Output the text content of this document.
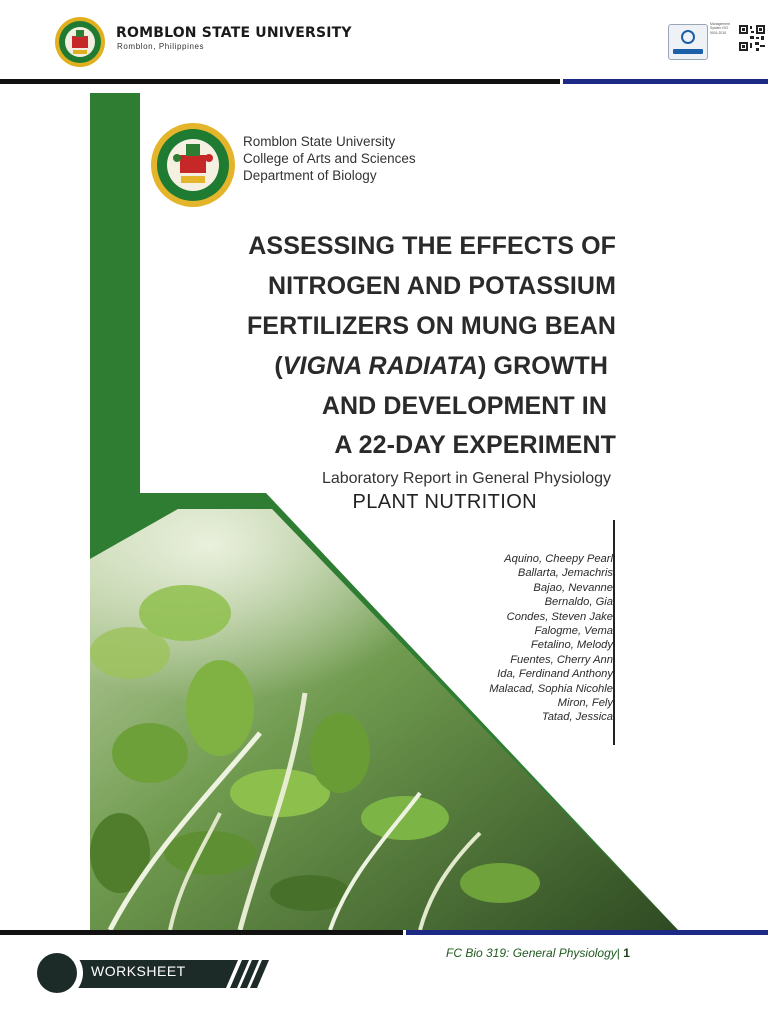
ROMBLON STATE UNIVERSITY
Romblon, Philippines
Management System ISO 9001:2015
Romblon State University
College of Arts and Sciences
Department of Biology
ASSESSING THE EFFECTS OF
NITROGEN AND POTASSIUM
FERTILIZERS ON MUNG BEAN
(VIGNA RADIATA) GROWTH
AND DEVELOPMENT IN
A 22-DAY EXPERIMENT
Laboratory Report in General Physiology
PLANT NUTRITION
Aquino, Cheepy Pearl
Ballarta, Jemachris
Bajao, Nevanne
Bernaldo, Gia
Condes, Steven Jake
Falogme, Vema
Fetalino, Melody
Fuentes, Cherry Ann
Ida, Ferdinand Anthony
Malacad, Sophia Nicohle
Miron, Fely
Tatad, Jessica
WORKSHEET
FC Bio 319: General Physiology| 1
